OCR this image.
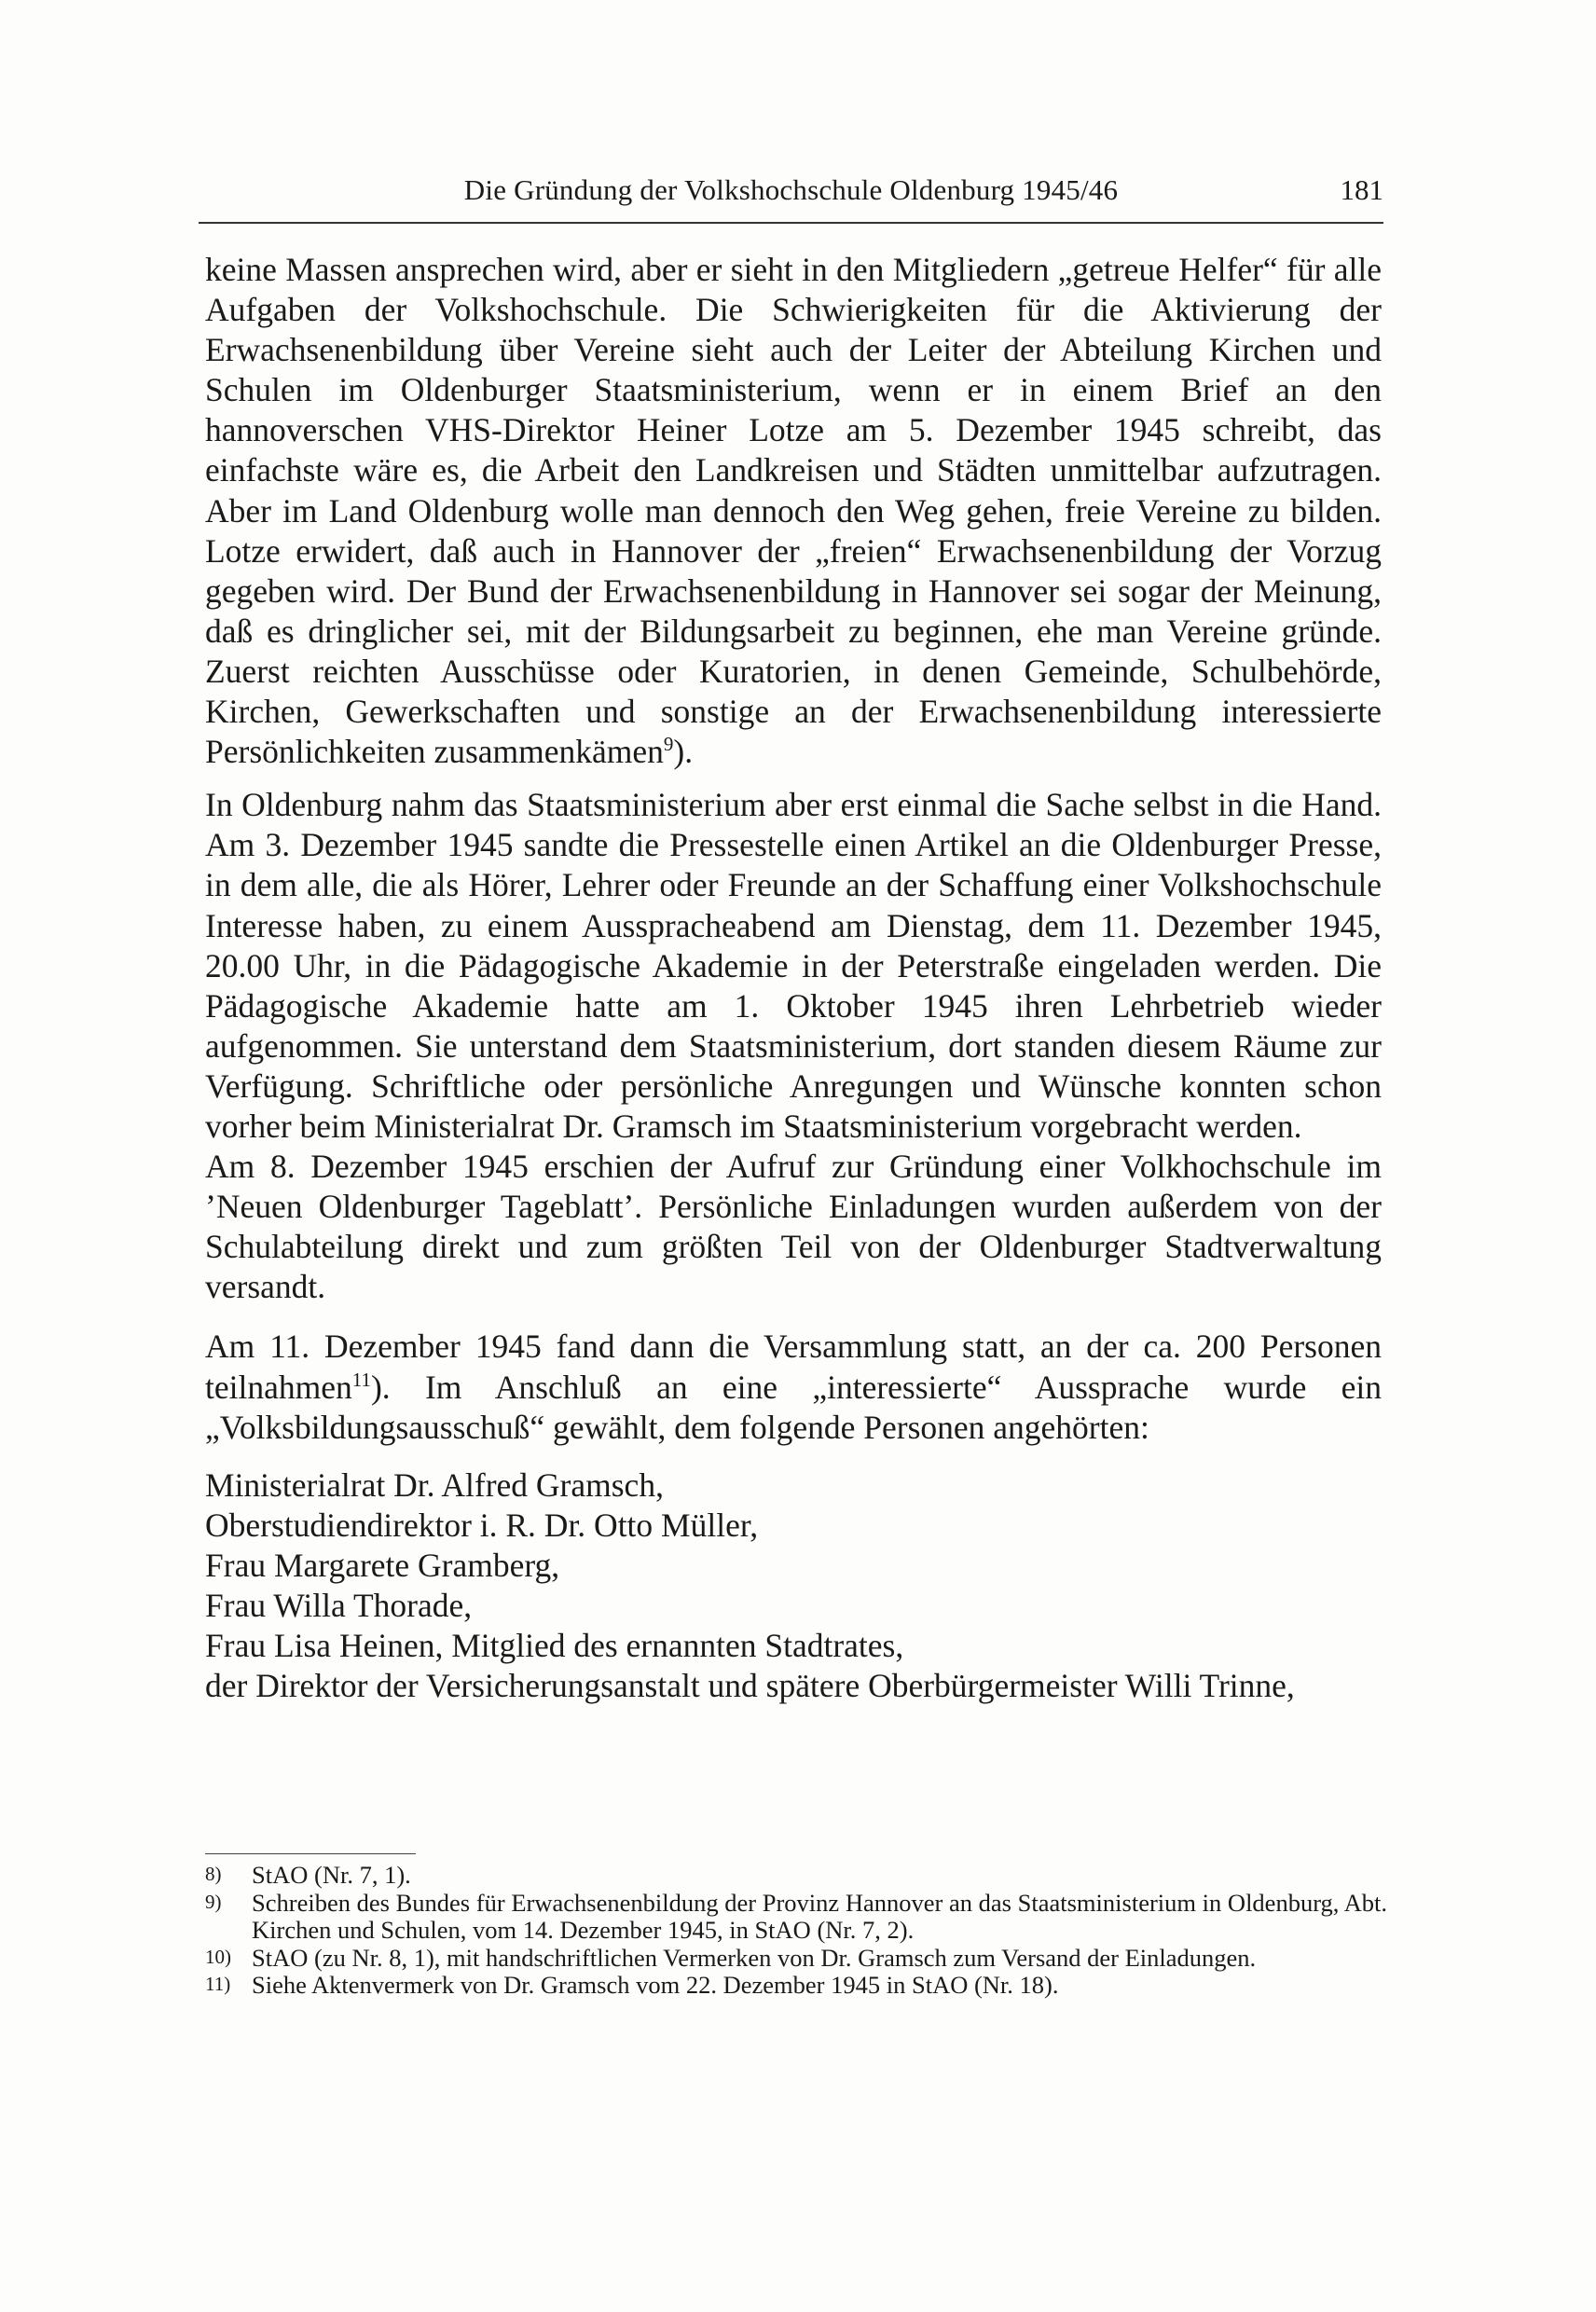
Die Gründung der Volkshochschule Oldenburg 1945/46	181

keine Massen ansprechen wird, aber er sieht in den Mitgliedern „getreue Helfer“ für alle Aufgaben der Volkshochschule. Die Schwierigkeiten für die Aktivierung der Erwachsenenbildung über Vereine sieht auch der Leiter der Abteilung Kirchen und Schulen im Oldenburger Staatsministerium, wenn er in einem Brief an den hannoverschen VHS-Direktor Heiner Lotze am 5. Dezember 1945 schreibt, das einfachste wäre es, die Arbeit den Landkreisen und Städten unmittelbar aufzutragen. Aber im Land Oldenburg wolle man dennoch den Weg gehen, freie Vereine zu bilden. Lotze erwidert, daß auch in Hannover der „freien“ Erwachsenenbildung der Vorzug gegeben wird. Der Bund der Erwachsenenbildung in Hannover sei sogar der Meinung, daß es dringlicher sei, mit der Bildungsarbeit zu beginnen, ehe man Vereine gründe. Zuerst reichten Ausschüsse oder Kuratorien, in denen Gemeinde, Schulbehörde, Kirchen, Gewerkschaften und sonstige an der Erwachsenenbildung interessierte Persönlichkeiten zusammenkämen$^9$).

In Oldenburg nahm das Staatsministerium aber erst einmal die Sache selbst in die Hand. Am 3. Dezember 1945 sandte die Pressestelle einen Artikel an die Oldenburger Presse, in dem alle, die als Hörer, Lehrer oder Freunde an der Schaffung einer Volkshochschule Interesse haben, zu einem Ausspracheabend am Dienstag, dem 11. Dezember 1945, 20.00 Uhr, in die Pädagogische Akademie in der Peterstraße eingeladen werden. Die Pädagogische Akademie hatte am 1. Oktober 1945 ihren Lehrbetrieb wieder aufgenommen. Sie unterstand dem Staatsministerium, dort standen diesem Räume zur Verfügung. Schriftliche oder persönliche Anregungen und Wünsche konnten schon vorher beim Ministerialrat Dr. Gramsch im Staatsministerium vorgebracht werden.

Am 8. Dezember 1945 erschien der Aufruf zur Gründung einer Volkhochschule im ’Neuen Oldenburger Tageblatt’. Persönliche Einladungen wurden außerdem von der Schulabteilung direkt und zum größten Teil von der Oldenburger Stadtverwaltung versandt.

Am 11. Dezember 1945 fand dann die Versammlung statt, an der ca. 200 Personen teilnahmen$^{11}$). Im Anschluß an eine „interessierte“ Aussprache wurde ein „Volksbildungsausschuß“ gewählt, dem folgende Personen angehörten:

Ministerialrat Dr. Alfred Gramsch,
Oberstudiendirektor i. R. Dr. Otto Müller,
Frau Margarete Gramberg,
Frau Willa Thorade,
Frau Lisa Heinen, Mitglied des ernannten Stadtrates,
der Direktor der Versicherungsanstalt und spätere Oberbürgermeister Willi Trinne,

8) StAO (Nr. 7, 1).

9) Schreiben des Bundes für Erwachsenenbildung der Provinz Hannover an das Staatsministerium in Oldenburg, Abt. Kirchen und Schulen, vom 14. Dezember 1945, in StAO (Nr. 7, 2).

10) StAO (zu Nr. 8, 1), mit handschriftlichen Vermerken von Dr. Gramsch zum Versand der Einladungen.

11) Siehe Aktenvermerk von Dr. Gramsch vom 22. Dezember 1945 in StAO (Nr. 18).
